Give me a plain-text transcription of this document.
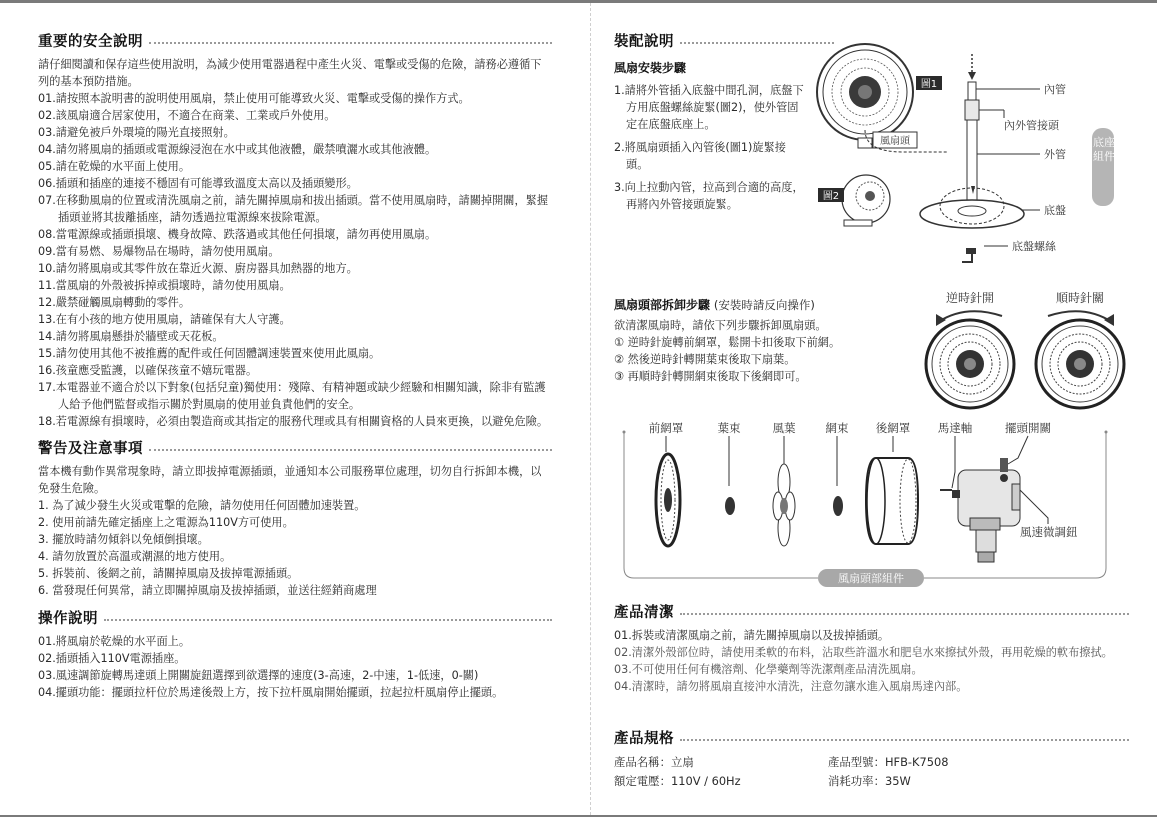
重要的安全說明

請仔細閱讀和保存這些使用說明，為減少使用電器過程中產生火災、電擊或受傷的危險，請務必遵循下列的基本預防措施。

01.請按照本說明書的說明使用風扇，禁止使用可能導致火災、電擊或受傷的操作方式。

02.該風扇適合居家使用，不適合在商業、工業或戶外使用。

03.請避免被戶外環境的陽光直接照射。

04.請勿將風扇的插頭或電源線浸泡在水中或其他液體，嚴禁噴灑水或其他液體。

05.請在乾燥的水平面上使用。

06.插頭和插座的連接不穩固有可能導致溫度太高以及插頭變形。

07.在移動風扇的位置或清洗風扇之前，請先關掉風扇和拔出插頭。當不使用風扇時，請關掉開關，緊握插頭並將其拔離插座，請勿透過拉電源線來拔除電源。

08.當電源線或插頭損壞、機身故障、跌落過或其他任何損壞，請勿再使用風扇。

09.當有易燃、易爆物品在場時，請勿使用風扇。

10.請勿將風扇或其零件放在靠近火源、廚房器具加熱器的地方。

11.當風扇的外殼被拆掉或損壞時，請勿使用風扇。

12.嚴禁碰觸風扇轉動的零件。

13.在有小孩的地方使用風扇，請確保有大人守護。

14.請勿將風扇懸掛於牆壁或天花板。

15.請勿使用其他不被推薦的配件或任何固體調速裝置來使用此風扇。

16.孩童應受監護，以確保孩童不嬉玩電器。

17.本電器並不適合於以下對象(包括兒童)獨使用：殘障、有精神題或缺少經驗和相關知識，除非有監護人給予他們監督或指示關於對風扇的使用並負責他們的安全。

18.若電源線有損壞時，必須由製造商或其指定的服務代理或具有相關資格的人員來更換，以避免危險。

警告及注意事項

當本機有動作異常現象時，請立即拔掉電源插頭，並通知本公司服務單位處理，切勿自行拆卸本機，以免發生危險。

1. 為了減少發生火災或電擊的危險，請勿使用任何固體加速裝置。

2. 使用前請先確定插座上之電源為110V方可使用。

3. 擺放時請勿傾斜以免傾倒損壞。

4. 請勿放置於高溫或潮濕的地方使用。

5. 拆裝前、後網之前，請關掉風扇及拔掉電源插頭。

6. 當發現任何異常，請立即關掉風扇及拔掉插頭，並送往經銷商處理

操作說明

01.將風扇於乾燥的水平面上。

02.插頭插入110V電源插座。

03.風速調節旋轉馬達頭上開關旋鈕選擇到欲選擇的速度(3-高速，2-中速，1-低速，0-關)

04.擺頭功能：擺頭拉杆位於馬達後殼上方，按下拉杆風扇開始擺頭，拉起拉杆風扇停止擺頭。

裝配說明

風扇安裝步驟

1.請將外管插入底盤中間孔洞，底盤下方用底盤螺絲旋緊(圖2)，使外管固定在底盤底座上。

2.將風扇頭插入內管後(圖1)旋緊接頭。

3.向上拉動內管，拉高到合適的高度，再將內外管接頭旋緊。

風扇頭部拆卸步驟 (安裝時請反向操作)

欲清潔風扇時，請依下列步驟拆卸風扇頭。

① 逆時針旋轉前網罩，鬆開卡扣後取下前網。

② 然後逆時針轉開葉束後取下扇葉。

③ 再順時針轉開網束後取下後網即可。

產品清潔

01.拆裝或清潔風扇之前，請先關掉風扇以及拔掉插頭。

02.清潔外殼部位時，請使用柔軟的布料，沾取些許溫水和肥皂水來擦拭外殼，再用乾燥的軟布擦拭。

03.不可使用任何有機溶劑、化學藥劑等洗潔劑產品清洗風扇。

04.清潔時，請勿將風扇直接沖水清洗，注意勿讓水進入風扇馬達內部。

產品規格
產品名稱：立扇	產品型號：HFB-K7508
額定電壓：110V / 60Hz	消耗功率：35W
圖1
風扇頭
圖2
內管
內外管接頭
外管
底盤
底盤螺絲
底座組件
逆時針開	順時針關
風扇頭部組件
前網罩	葉束	風葉	網束 後網罩 馬達軸	擺頭開關
風速微調鈕
